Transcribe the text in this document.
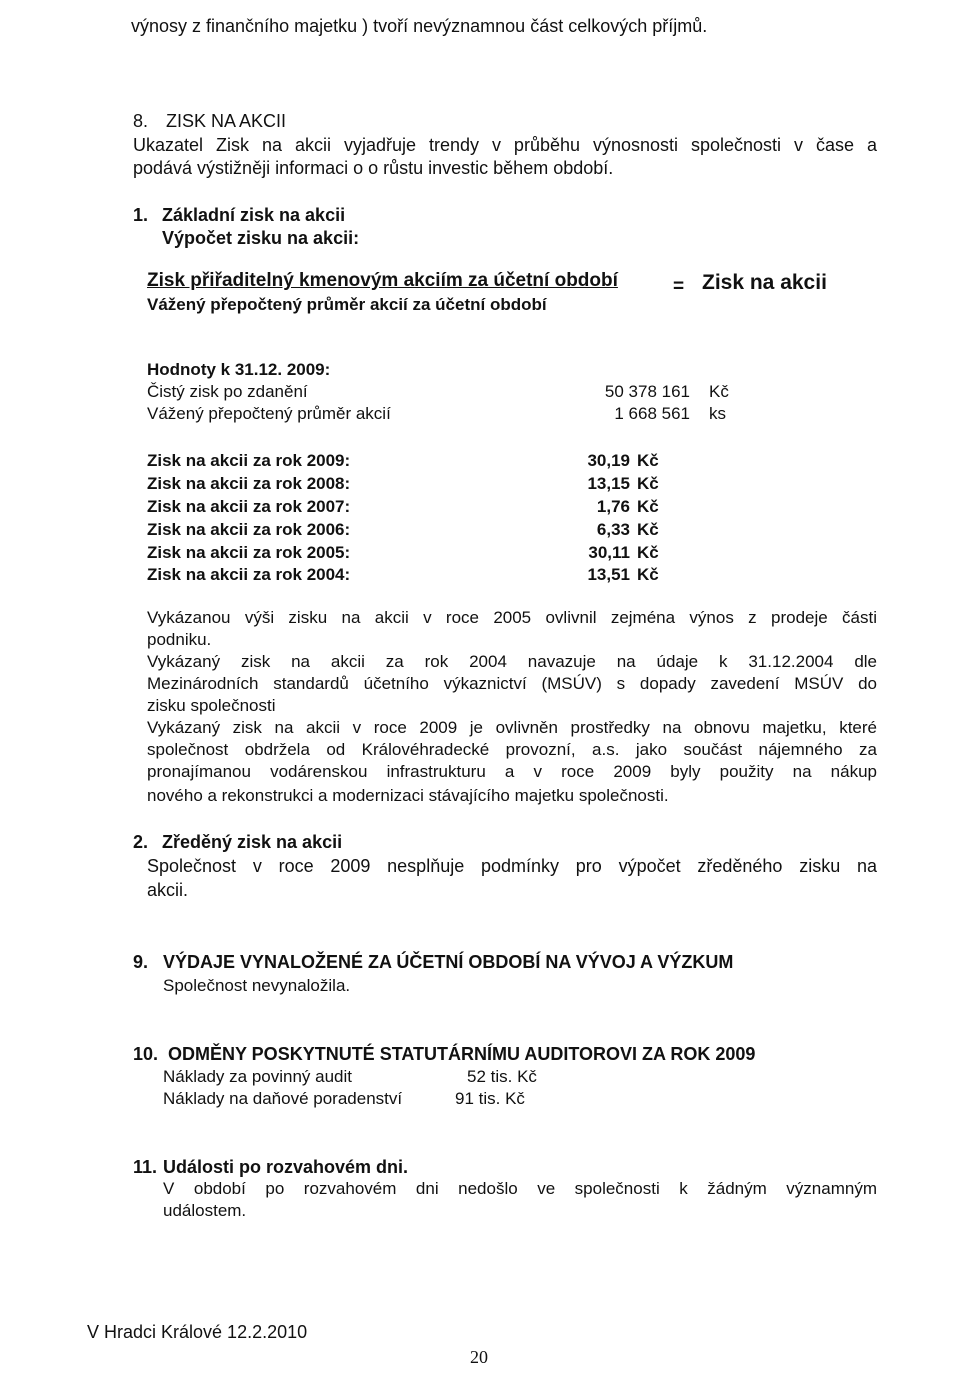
výnosy z finančního majetku ) tvoří nevýznamnou část celkových příjmů.
8. ZISK NA AKCII
Ukazatel Zisk na akcii vyjadřuje trendy v průběhu výnosnosti společnosti v čase a
podává výstižněji informaci o o růstu investic během období.
1. Základní zisk na akcii
Výpočet zisku na akcii:
Zisk přiřaditelný kmenovým akciím za účetní období	= Zisk na akcii
Vážený přepočtený průměr akcií za účetní období
Hodnoty k 31.12. 2009:
Čistý zisk po zdanění	50 378 161 Kč
Vážený přepočtený průměr akcií	1 668 561 ks
Zisk na akcii za rok 2009:	30,19 Kč
Zisk na akcii za rok 2008:	13,15 Kč
Zisk na akcii za rok 2007:	1,76 Kč
Zisk na akcii za rok 2006:	6,33 Kč
Zisk na akcii za rok 2005:	30,11 Kč
Zisk na akcii za rok 2004:	13,51 Kč
Vykázanou výši zisku na akcii v roce 2005 ovlivnil zejména výnos z prodeje části
podniku.
Vykázaný zisk na akcii za rok 2004 navazuje na údaje k 31.12.2004 dle
Mezinárodních standardů účetního výkaznictví (MSÚV) s dopady zavedení MSÚV do
zisku společnosti
Vykázaný zisk na akcii v roce 2009 je ovlivněn prostředky na obnovu majetku, které
společnost obdržela od Královéhradecké provozní, a.s. jako součást nájemného za
pronajímanou vodárenskou infrastrukturu a v roce 2009 byly použity na nákup
nového a rekonstrukci a modernizaci stávajícího majetku společnosti.
2. Zředěný zisk na akcii
Společnost v roce 2009 nesplňuje podmínky pro výpočet zředěného zisku na
akcii.
9. VÝDAJE VYNALOŽENÉ ZA ÚČETNÍ OBDOBÍ NA VÝVOJ A VÝZKUM
Společnost nevynaložila.
10. ODMĚNY POSKYTNUTÉ STATUTÁRNÍMU AUDITOROVI ZA ROK 2009
Náklady za povinný audit	52 tis. Kč
Náklady na daňové poradenství	91 tis. Kč
11. Události po rozvahovém dni.
V období po rozvahovém dni nedošlo ve společnosti k žádným významným
událostem.
V Hradci Králové 12.2.2010
20
